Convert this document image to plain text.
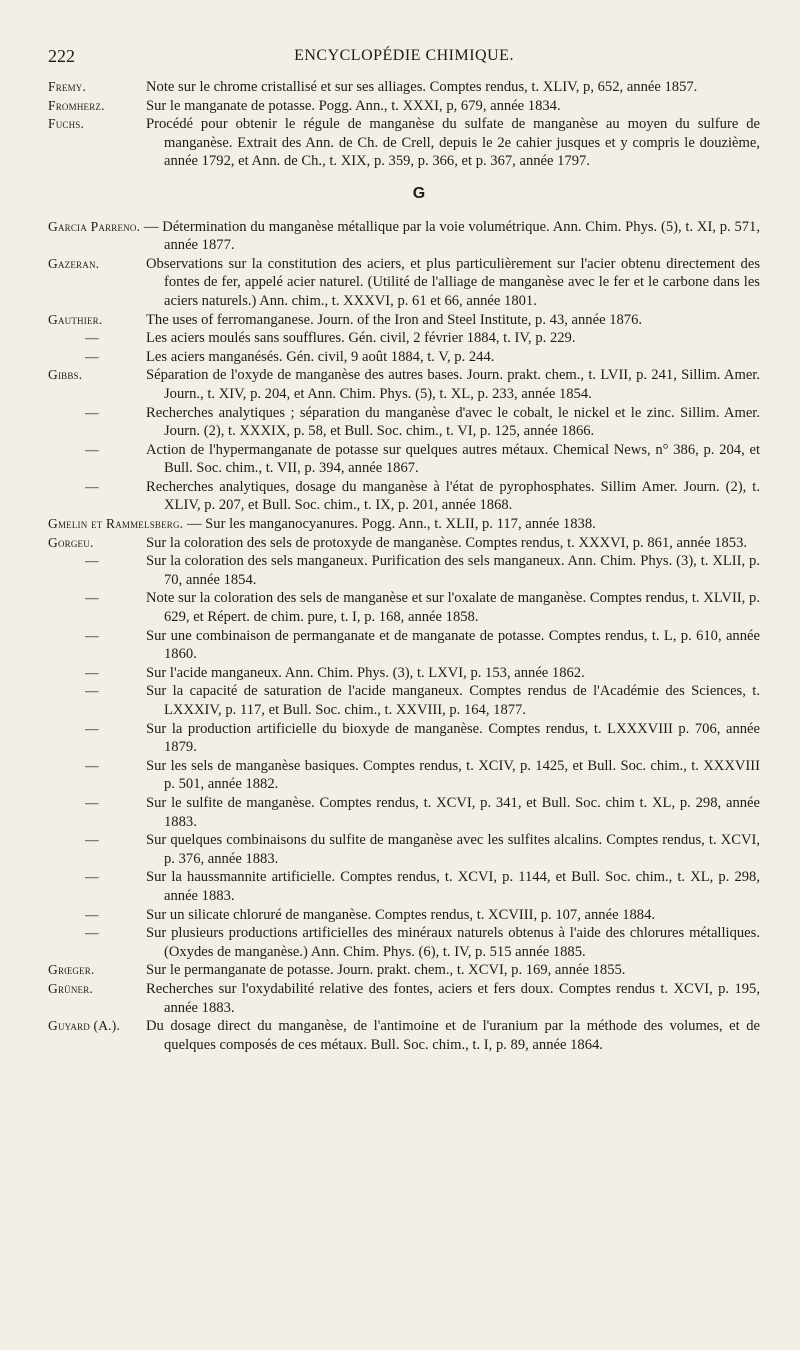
222	ENCYCLOPÉDIE CHIMIQUE.
Fremy.	Note sur le chrome cristallisé et sur ses alliages. Comptes rendus, t. XLIV, p, 652, année 1857.
Fromherz.	Sur le manganate de potasse. Pogg. Ann., t. XXXI, p, 679, année 1834.
Fuchs.	Procédé pour obtenir le régule de manganèse du sulfate de manganèse au moyen du sulfure de manganèse. Extrait des Ann. de Ch. de Crell, depuis le 2e cahier jusques et y compris le douzième, année 1792, et Ann. de Ch., t. XIX, p. 359, p. 366, et p. 367, année 1797.
G
Garcia Parreno. — Détermination du manganèse métallique par la voie volumétrique. Ann. Chim. Phys. (5), t. XI, p. 571, année 1877.
Gazeran.	Observations sur la constitution des aciers, et plus particulièrement sur l'acier obtenu directement des fontes de fer, appelé acier naturel. (Utilité de l'alliage de manganèse avec le fer et le carbone dans les aciers naturels.) Ann. chim., t. XXXVI, p. 61 et 66, année 1801.
Gauthier.	The uses of ferromanganese. Journ. of the Iron and Steel Institute, p. 43, année 1876.
—	Les aciers moulés sans soufflures. Gén. civil, 2 février 1884, t. IV, p. 229.
—	Les aciers manganésés. Gén. civil, 9 août 1884, t. V, p. 244.
Gibbs.	Séparation de l'oxyde de manganèse des autres bases. Journ. prakt. chem., t. LVII, p. 241, Sillim. Amer. Journ., t. XIV, p. 204, et Ann. Chim. Phys. (5), t. XL, p. 233, année 1854.
—	Recherches analytiques ; séparation du manganèse d'avec le cobalt, le nickel et le zinc. Sillim. Amer. Journ. (2), t. XXXIX, p. 58, et Bull. Soc. chim., t. VI, p. 125, année 1866.
—	Action de l'hypermanganate de potasse sur quelques autres métaux. Chemical News, n° 386, p. 204, et Bull. Soc. chim., t. VII, p. 394, année 1867.
—	Recherches analytiques, dosage du manganèse à l'état de pyrophosphates. Sillim Amer. Journ. (2), t. XLIV, p. 207, et Bull. Soc. chim., t. IX, p. 201, année 1868.
Gmelin et Rammelsberg. — Sur les manganocyanures. Pogg. Ann., t. XLII, p. 117, année 1838.
Gorgeu.	Sur la coloration des sels de protoxyde de manganèse. Comptes rendus, t. XXXVI, p. 861, année 1853.
—	Sur la coloration des sels manganeux. Purification des sels manganeux. Ann. Chim. Phys. (3), t. XLII, p. 70, année 1854.
—	Note sur la coloration des sels de manganèse et sur l'oxalate de manganèse. Comptes rendus, t. XLVII, p. 629, et Répert. de chim. pure, t. I, p. 168, année 1858.
—	Sur une combinaison de permanganate et de manganate de potasse. Comptes rendus, t. L, p. 610, année 1860.
—	Sur l'acide manganeux. Ann. Chim. Phys. (3), t. LXVI, p. 153, année 1862.
—	Sur la capacité de saturation de l'acide manganeux. Comptes rendus de l'Académie des Sciences, t. LXXXIV, p. 117, et Bull. Soc. chim., t. XXVIII, p. 164, 1877.
—	Sur la production artificielle du bioxyde de manganèse. Comptes rendus, t. LXXXVIII p. 706, année 1879.
—	Sur les sels de manganèse basiques. Comptes rendus, t. XCIV, p. 1425, et Bull. Soc. chim., t. XXXVIII p. 501, année 1882.
—	Sur le sulfite de manganèse. Comptes rendus, t. XCVI, p. 341, et Bull. Soc. chim t. XL, p. 298, année 1883.
—	Sur quelques combinaisons du sulfite de manganèse avec les sulfites alcalins. Comptes rendus, t. XCVI, p. 376, année 1883.
—	Sur la haussmannite artificielle. Comptes rendus, t. XCVI, p. 1144, et Bull. Soc. chim., t. XL, p. 298, année 1883.
—	Sur un silicate chloruré de manganèse. Comptes rendus, t. XCVIII, p. 107, année 1884.
—	Sur plusieurs productions artificielles des minéraux naturels obtenus à l'aide des chlorures métalliques. (Oxydes de manganèse.) Ann. Chim. Phys. (6), t. IV, p. 515 année 1885.
Grœger.	Sur le permanganate de potasse. Journ. prakt. chem., t. XCVI, p. 169, année 1855.
Grüner.	Recherches sur l'oxydabilité relative des fontes, aciers et fers doux. Comptes rendus t. XCVI, p. 195, année 1883.
Guyard (A.).	Du dosage direct du manganèse, de l'antimoine et de l'uranium par la méthode des volumes, et de quelques composés de ces métaux. Bull. Soc. chim., t. I, p. 89, année 1864.
